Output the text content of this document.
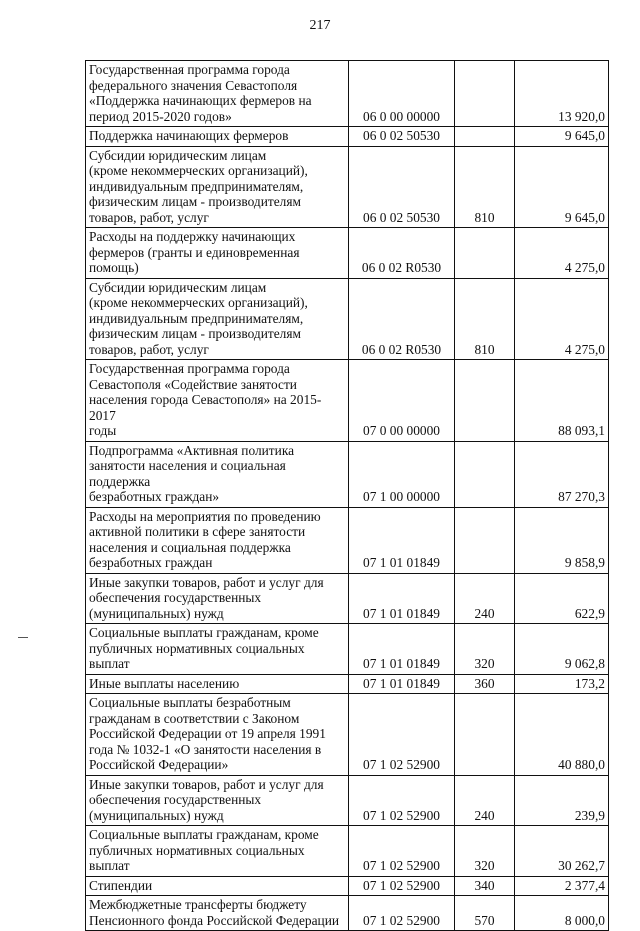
217
Государственная программа города
федерального значения Севастополя
«Поддержка начинающих фермеров на
период 2015-2020 годов»	06 0 00 00000		13 920,0
Поддержка начинающих фермеров	06 0 02 50530		9 645,0
Субсидии юридическим лицам
(кроме некоммерческих организаций),
индивидуальным предпринимателям,
физическим лицам - производителям
товаров, работ, услуг	06 0 02 50530	810	9 645,0
Расходы на поддержку начинающих
фермеров (гранты и единовременная
помощь)	06 0 02 R0530		4 275,0
Субсидии юридическим лицам
(кроме некоммерческих организаций),
индивидуальным предпринимателям,
физическим лицам - производителям
товаров, работ, услуг	06 0 02 R0530	810	4 275,0
Государственная программа города
Севастополя «Содействие занятости
населения города Севастополя» на 2015-2017
годы	07 0 00 00000		88 093,1
Подпрограмма «Активная политика
занятости населения и социальная поддержка
безработных граждан»	07 1 00 00000		87 270,3
Расходы на мероприятия по проведению
активной политики в сфере занятости
населения и социальная поддержка
безработных граждан	07 1 01 01849		9 858,9
Иные закупки товаров, работ и услуг для
обеспечения государственных
(муниципальных) нужд	07 1 01 01849	240	622,9
Социальные выплаты гражданам, кроме
публичных нормативных социальных выплат	07 1 01 01849	320	9 062,8
Иные выплаты населению	07 1 01 01849	360	173,2
Социальные выплаты безработным
гражданам в соответствии с Законом
Российской Федерации от 19 апреля 1991
года № 1032-1 «О занятости населения в
Российской Федерации»	07 1 02 52900		40 880,0
Иные закупки товаров, работ и услуг для
обеспечения государственных
(муниципальных) нужд	07 1 02 52900	240	239,9
Социальные выплаты гражданам, кроме
публичных нормативных социальных выплат	07 1 02 52900	320	30 262,7
Стипендии	07 1 02 52900	340	2 377,4
Межбюджетные трансферты бюджету
Пенсионного фонда Российской Федерации	07 1 02 52900	570	8 000,0
